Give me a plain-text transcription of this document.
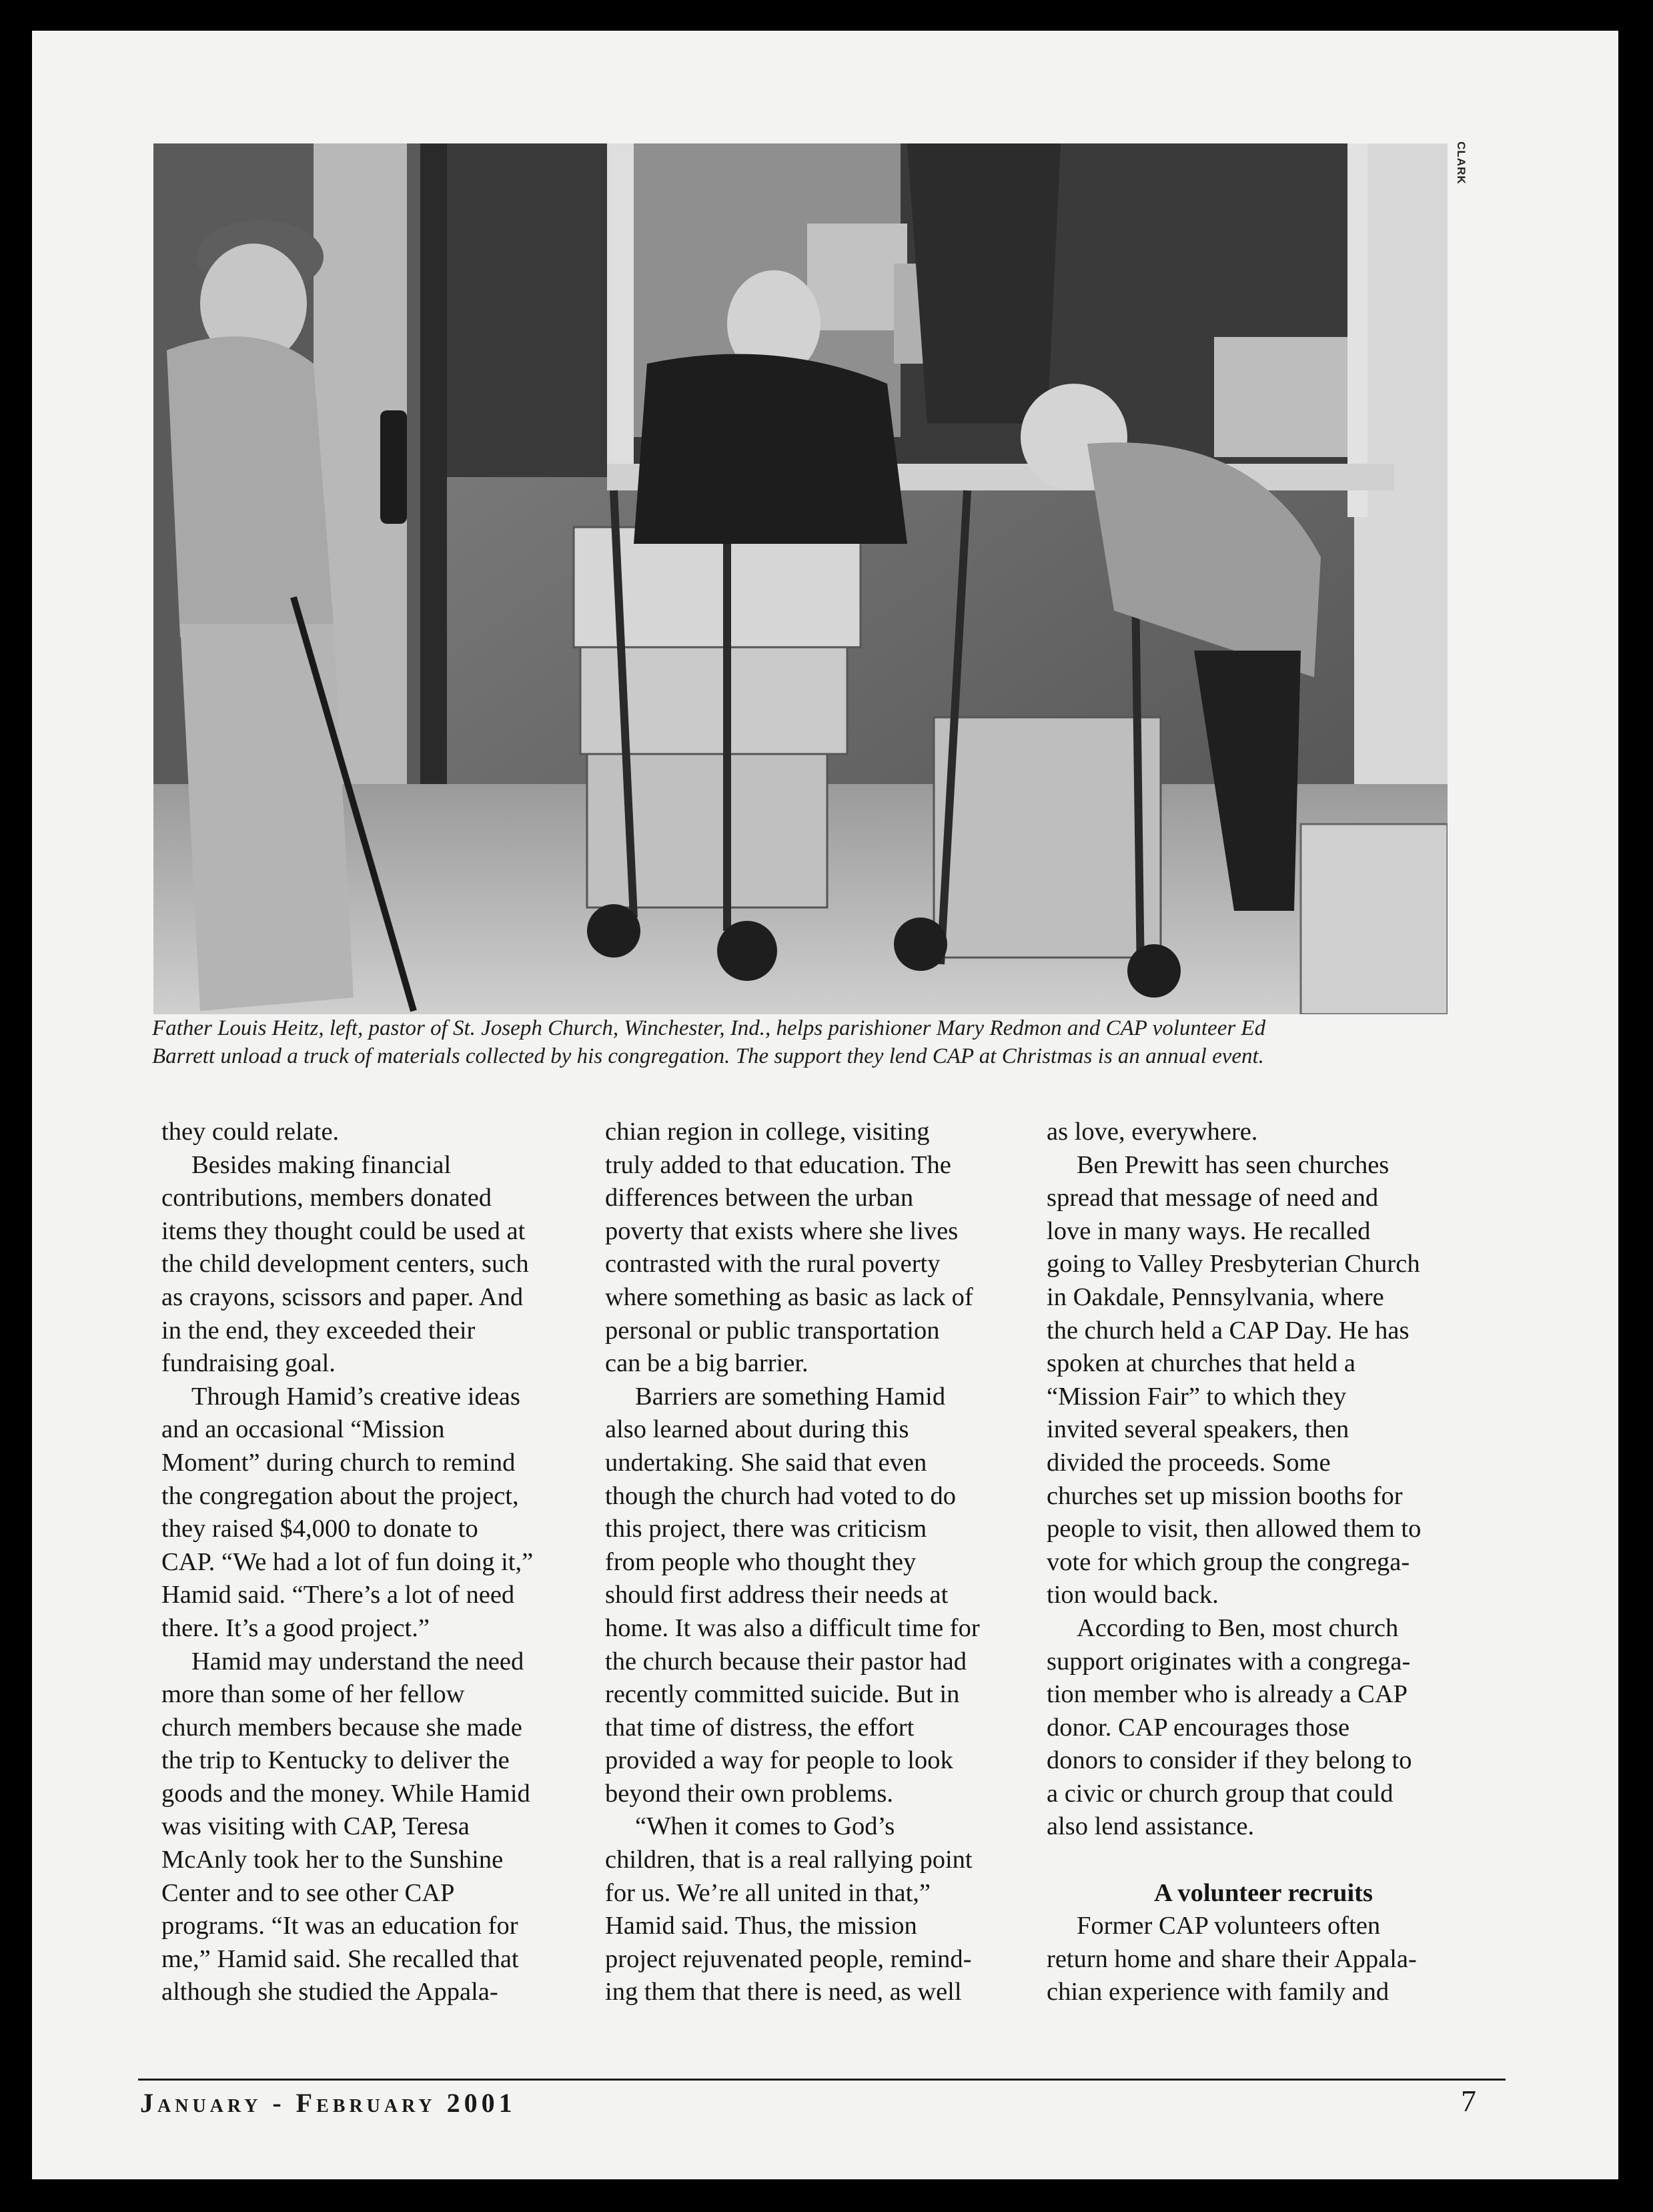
CLARK
Father Louis Heitz, left, pastor of St. Joseph Church, Winchester, Ind., helps parishioner Mary Redmon and CAP volunteer Ed
Barrett unload a truck of materials collected by his congregation. The support they lend CAP at Christmas is an annual event.
they could relate.
Besides making financial
contributions, members donated
items they thought could be used at
the child development centers, such
as crayons, scissors and paper. And
in the end, they exceeded their
fundraising goal.
Through Hamid’s creative ideas
and an occasional “Mission
Moment” during church to remind
the congregation about the project,
they raised $4,000 to donate to
CAP. “We had a lot of fun doing it,”
Hamid said. “There’s a lot of need
there. It’s a good project.”
Hamid may understand the need
more than some of her fellow
church members because she made
the trip to Kentucky to deliver the
goods and the money. While Hamid
was visiting with CAP, Teresa
McAnly took her to the Sunshine
Center and to see other CAP
programs. “It was an education for
me,” Hamid said. She recalled that
although she studied the Appala-
chian region in college, visiting
truly added to that education. The
differences between the urban
poverty that exists where she lives
contrasted with the rural poverty
where something as basic as lack of
personal or public transportation
can be a big barrier.
Barriers are something Hamid
also learned about during this
undertaking. She said that even
though the church had voted to do
this project, there was criticism
from people who thought they
should first address their needs at
home. It was also a difficult time for
the church because their pastor had
recently committed suicide. But in
that time of distress, the effort
provided a way for people to look
beyond their own problems.
“When it comes to God’s
children, that is a real rallying point
for us. We’re all united in that,”
Hamid said. Thus, the mission
project rejuvenated people, remind-
ing them that there is need, as well
as love, everywhere.
Ben Prewitt has seen churches
spread that message of need and
love in many ways. He recalled
going to Valley Presbyterian Church
in Oakdale, Pennsylvania, where
the church held a CAP Day. He has
spoken at churches that held a
“Mission Fair” to which they
invited several speakers, then
divided the proceeds. Some
churches set up mission booths for
people to visit, then allowed them to
vote for which group the congrega-
tion would back.
According to Ben, most church
support originates with a congrega-
tion member who is already a CAP
donor. CAP encourages those
donors to consider if they belong to
a civic or church group that could
also lend assistance.
A volunteer recruits
Former CAP volunteers often
return home and share their Appala-
chian experience with family and
January - February 2001	7
